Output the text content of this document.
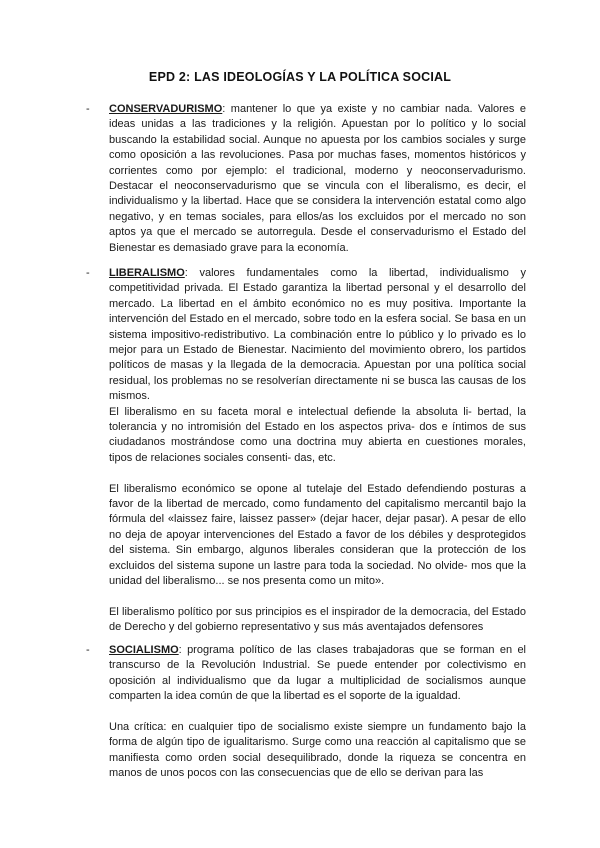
EPD 2: LAS IDEOLOGÍAS Y LA POLÍTICA SOCIAL
- CONSERVADURISMO: mantener lo que ya existe y no cambiar nada. Valores e ideas unidas a las tradiciones y la religión. Apuestan por lo político y lo social buscando la estabilidad social. Aunque no apuesta por los cambios sociales y surge como oposición a las revoluciones. Pasa por muchas fases, momentos históricos y corrientes como por ejemplo: el tradicional, moderno y neoconservadurismo. Destacar el neoconservadurismo que se vincula con el liberalismo, es decir, el individualismo y la libertad. Hace que se considera la intervención estatal como algo negativo, y en temas sociales, para ellos/as los excluidos por el mercado no son aptos ya que el mercado se autorregula. Desde el conservadurismo el Estado del Bienestar es demasiado grave para la economía.

- LIBERALISMO: valores fundamentales como la libertad, individualismo y competitividad privada. El Estado garantiza la libertad personal y el desarrollo del mercado. La libertad en el ámbito económico no es muy positiva. Importante la intervención del Estado en el mercado, sobre todo en la esfera social. Se basa en un sistema impositivo-redistributivo. La combinación entre lo público y lo privado es lo mejor para un Estado de Bienestar. Nacimiento del movimiento obrero, los partidos políticos de masas y la llegada de la democracia. Apuestan por una política social residual, los problemas no se resolverían directamente ni se busca las causas de los mismos.

El liberalismo en su faceta moral e intelectual defiende la absoluta li- bertad, la tolerancia y no intromisión del Estado en los aspectos priva- dos e íntimos de sus ciudadanos mostrándose como una doctrina muy abierta en cuestiones morales, tipos de relaciones sociales consenti- das, etc.

El liberalismo económico se opone al tutelaje del Estado defendiendo posturas a favor de la libertad de mercado, como fundamento del capitalismo mercantil bajo la fórmula del «laissez faire, laissez passer» (dejar hacer, dejar pasar). A pesar de ello no deja de apoyar intervenciones del Estado a favor de los débiles y desprotegidos del sistema. Sin embargo, algunos liberales consideran que la protección de los excluidos del sistema supone un lastre para toda la sociedad. No olvide- mos que la unidad del liberalismo... se nos presenta como un mito».

El liberalismo político por sus principios es el inspirador de la democracia, del Estado de Derecho y del gobierno representativo y sus más aventajados defensores

- SOCIALISMO: programa político de las clases trabajadoras que se forman en el transcurso de la Revolución Industrial. Se puede entender por colectivismo en oposición al individualismo que da lugar a multiplicidad de socialismos aunque comparten la idea común de que la libertad es el soporte de la igualdad.

Una crítica: en cualquier tipo de socialismo existe siempre un fundamento bajo la forma de algún tipo de igualitarismo. Surge como una reacción al capitalismo que se manifiesta como orden social desequilibrado, donde la riqueza se concentra en manos de unos pocos con las consecuencias que de ello se derivan para las
